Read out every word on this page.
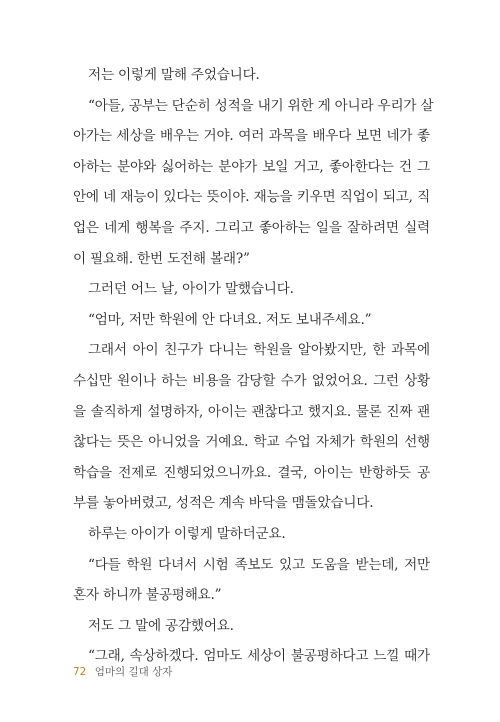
저는 이렇게 말해 주었습니다.
“아들, 공부는 단순히 성적을 내기 위한 게 아니라 우리가 살
아가는 세상을 배우는 거야. 여러 과목을 배우다 보면 네가 좋
아하는 분야와 싫어하는 분야가 보일 거고, 좋아한다는 건 그
안에 네 재능이 있다는 뜻이야. 재능을 키우면 직업이 되고, 직
업은 네게 행복을 주지. 그리고 좋아하는 일을 잘하려면 실력
이 필요해. 한번 도전해 볼래?”
그러던 어느 날, 아이가 말했습니다.
“엄마, 저만 학원에 안 다녀요. 저도 보내주세요.”
그래서 아이 친구가 다니는 학원을 알아봤지만, 한 과목에
수십만 원이나 하는 비용을 감당할 수가 없었어요. 그런 상황
을 솔직하게 설명하자, 아이는 괜찮다고 했지요. 물론 진짜 괜
찮다는 뜻은 아니었을 거예요. 학교 수업 자체가 학원의 선행
학습을 전제로 진행되었으니까요. 결국, 아이는 반항하듯 공
부를 놓아버렸고, 성적은 계속 바닥을 맴돌았습니다.
하루는 아이가 이렇게 말하더군요.
“다들 학원 다녀서 시험 족보도 있고 도움을 받는데, 저만
혼자 하니까 불공평해요.”
저도 그 말에 공감했어요.
“그래, 속상하겠다. 엄마도 세상이 불공평하다고 느낄 때가
72 엄마의 길대 상자
